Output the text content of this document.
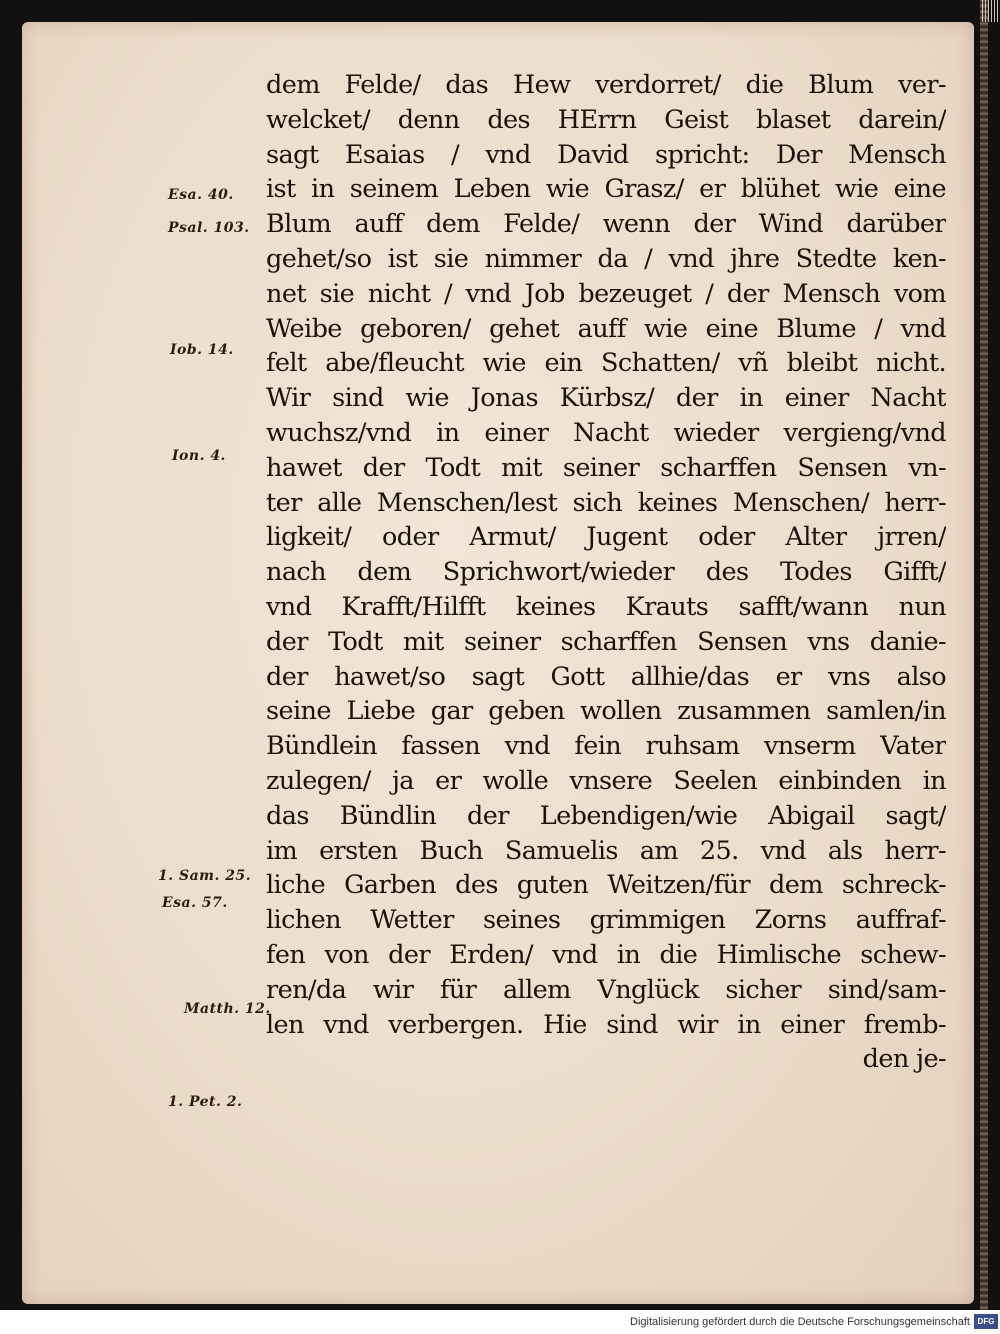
dem Felde/ das Hew verdorret/ die Blum ver-
welcket/ denn des HErrn Geist blaset darein/
sagt Esaias / vnd David spricht: Der Mensch
ist in seinem Leben wie Grasz/ er blühet wie eine
Blum auff dem Felde/ wenn der Wind darüber
gehet/so ist sie nimmer da / vnd jhre Stedte ken-
net sie nicht / vnd Job bezeuget / der Mensch vom
Weibe geboren/ gehet auff wie eine Blume / vnd
felt abe/fleucht wie ein Schatten/ vñ bleibt nicht.
Wir sind wie Jonas Kürbsz/ der in einer Nacht
wuchsz/vnd in einer Nacht wieder vergieng/vnd
hawet der Todt mit seiner scharffen Sensen vn-
ter alle Menschen/lest sich keines Menschen/ herr-
ligkeit/ oder Armut/ Jugent oder Alter jrren/
nach dem Sprichwort/wieder des Todes Gifft/
vnd Krafft/Hilfft keines Krauts safft/wann nun
der Todt mit seiner scharffen Sensen vns danie-
der hawet/so sagt Gott allhie/das er vns also
seine Liebe gar geben wollen zusammen samlen/in
Bündlein fassen vnd fein ruhsam vnserm Vater
zulegen/ ja er wolle vnsere Seelen einbinden in
das Bündlin der Lebendigen/wie Abigail sagt/
im ersten Buch Samuelis am 25. vnd als herr-
liche Garben des guten Weitzen/für dem schreck-
lichen Wetter seines grimmigen Zorns auffraf-
fen von der Erden/ vnd in die Himlische schew-
ren/da wir für allem Vnglück sicher sind/sam-
len vnd verbergen. Hie sind wir in einer fremb-
den je-
Esa. 40.
Psal. 103.
Iob. 14.
Ion. 4.
1. Sam. 25.
Esa. 57.
Matth. 12.
1. Pet. 2.
Digitalisierung gefördert durch die Deutsche Forschungsgemeinschaft DFG
